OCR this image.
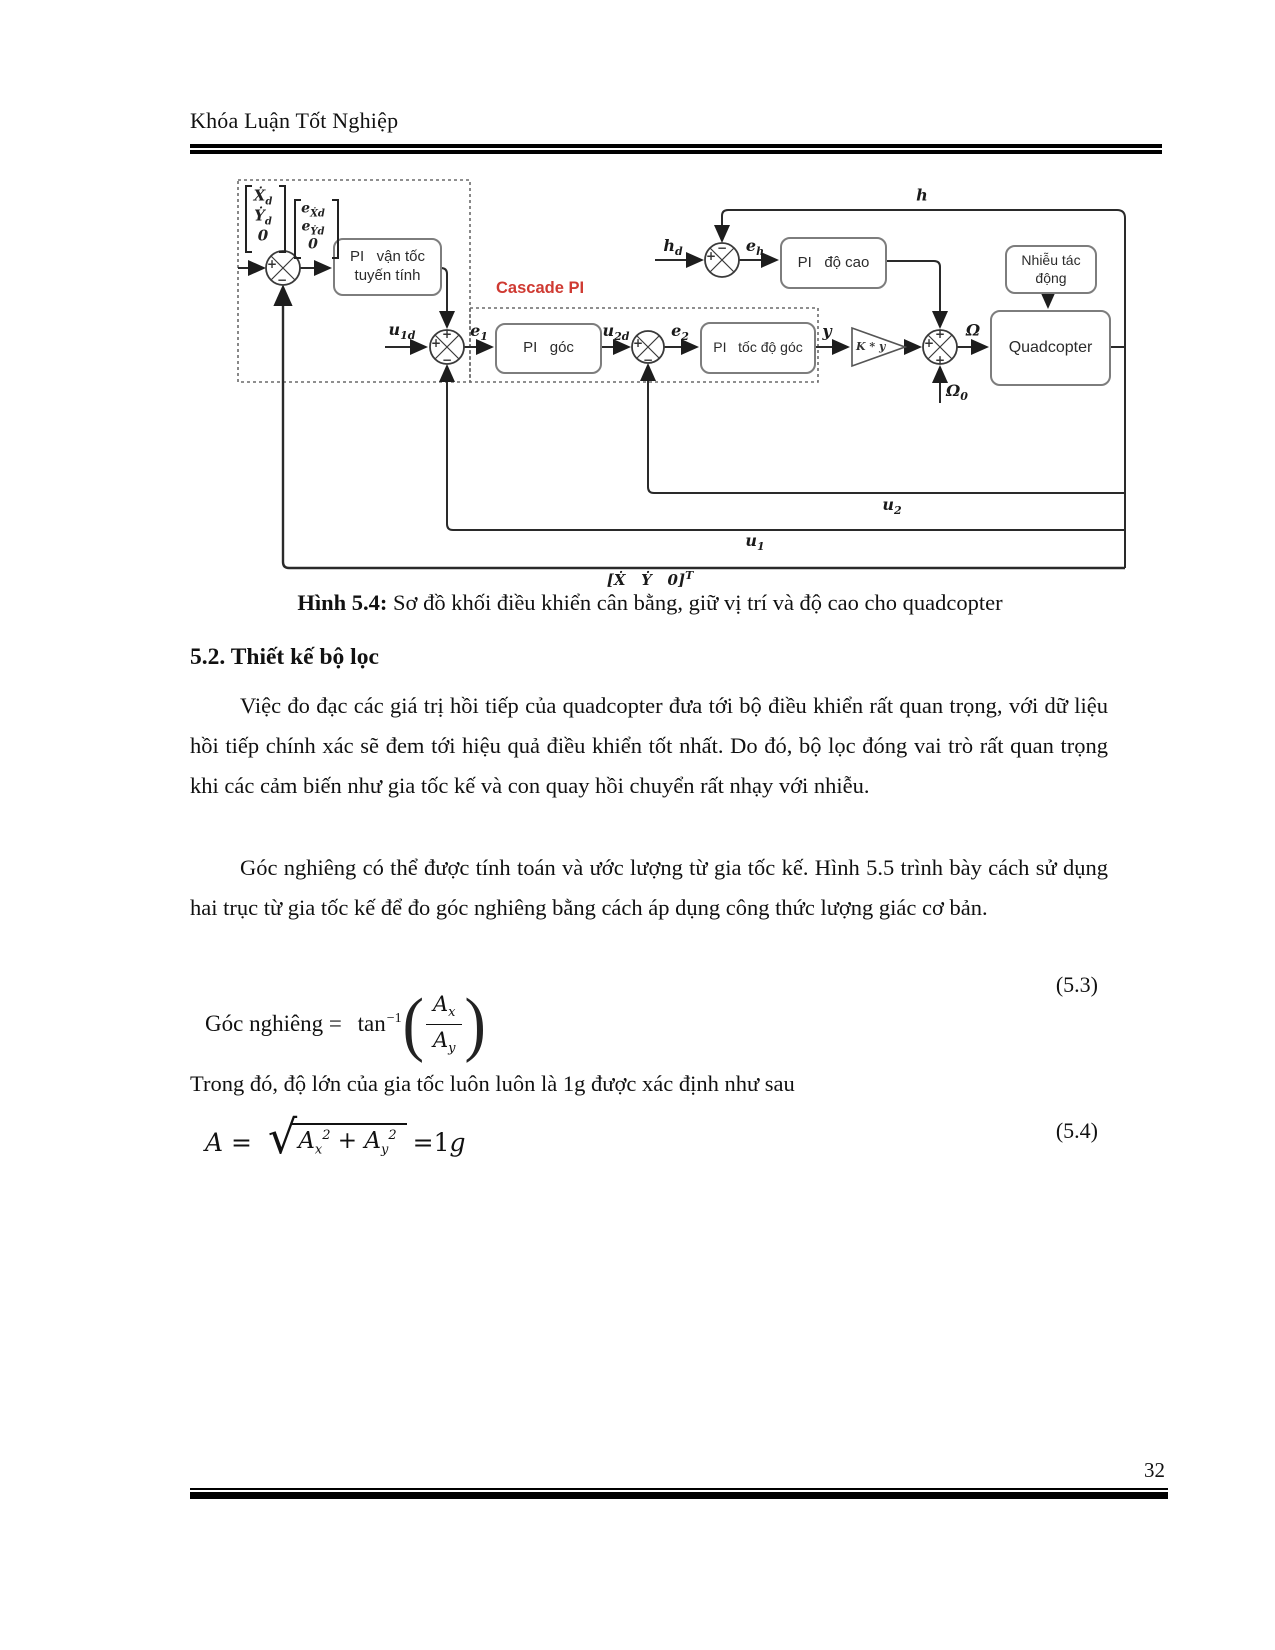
Khóa Luận Tốt Nghiệp
+
−
+
+
−
+
−
+
+
+
+
−
PI   vận tốc
tuyến tính
PI   góc	PI   tốc độ góc
PI   độ cao	Nhiễu tác
động
Quadcopter
Cascade PI
K * y
Ẋ$_d$
Ẏ$_d$
0
$e_{Ẋd}$
$e_{Ẏd}$
0
$u_{1d}$	$e_1$	$u_{2d}$	$e_2$	y	Ω
$\Omega_0$
h
$h_d$	$e_h$
$u_2$
$u_1$
[Ẋ   Ẏ   0]$^T$
Hình 5.4: Sơ đồ khối điều khiển cân bằng, giữ vị trí và độ cao cho quadcopter
5.2. Thiết kế bộ lọc
Việc đo đạc các giá trị hồi tiếp của quadcopter đưa tới bộ điều khiển rất quan trọng, với dữ liệu hồi tiếp chính xác sẽ đem tới hiệu quả điều khiển tốt nhất. Do đó, bộ lọc đóng vai trò rất quan trọng khi các cảm biến như gia tốc kế và con quay hồi chuyển rất nhạy với nhiễu.
Góc nghiêng có thể được tính toán và ước lượng từ gia tốc kế. Hình 5.5 trình bày cách sử dụng hai trục từ gia tốc kế để đo góc nghiêng bằng cách áp dụng công thức lượng giác cơ bản.
(5.3)
Góc nghiêng = $\tan^{-1}$ ( $\frac{A_x}{A_y}$ )
Trong đó, độ lớn của gia tốc luôn luôn là 1g được xác định như sau
(5.4)
A = √ $A_x^2 + A_y^2 =1g$
32
